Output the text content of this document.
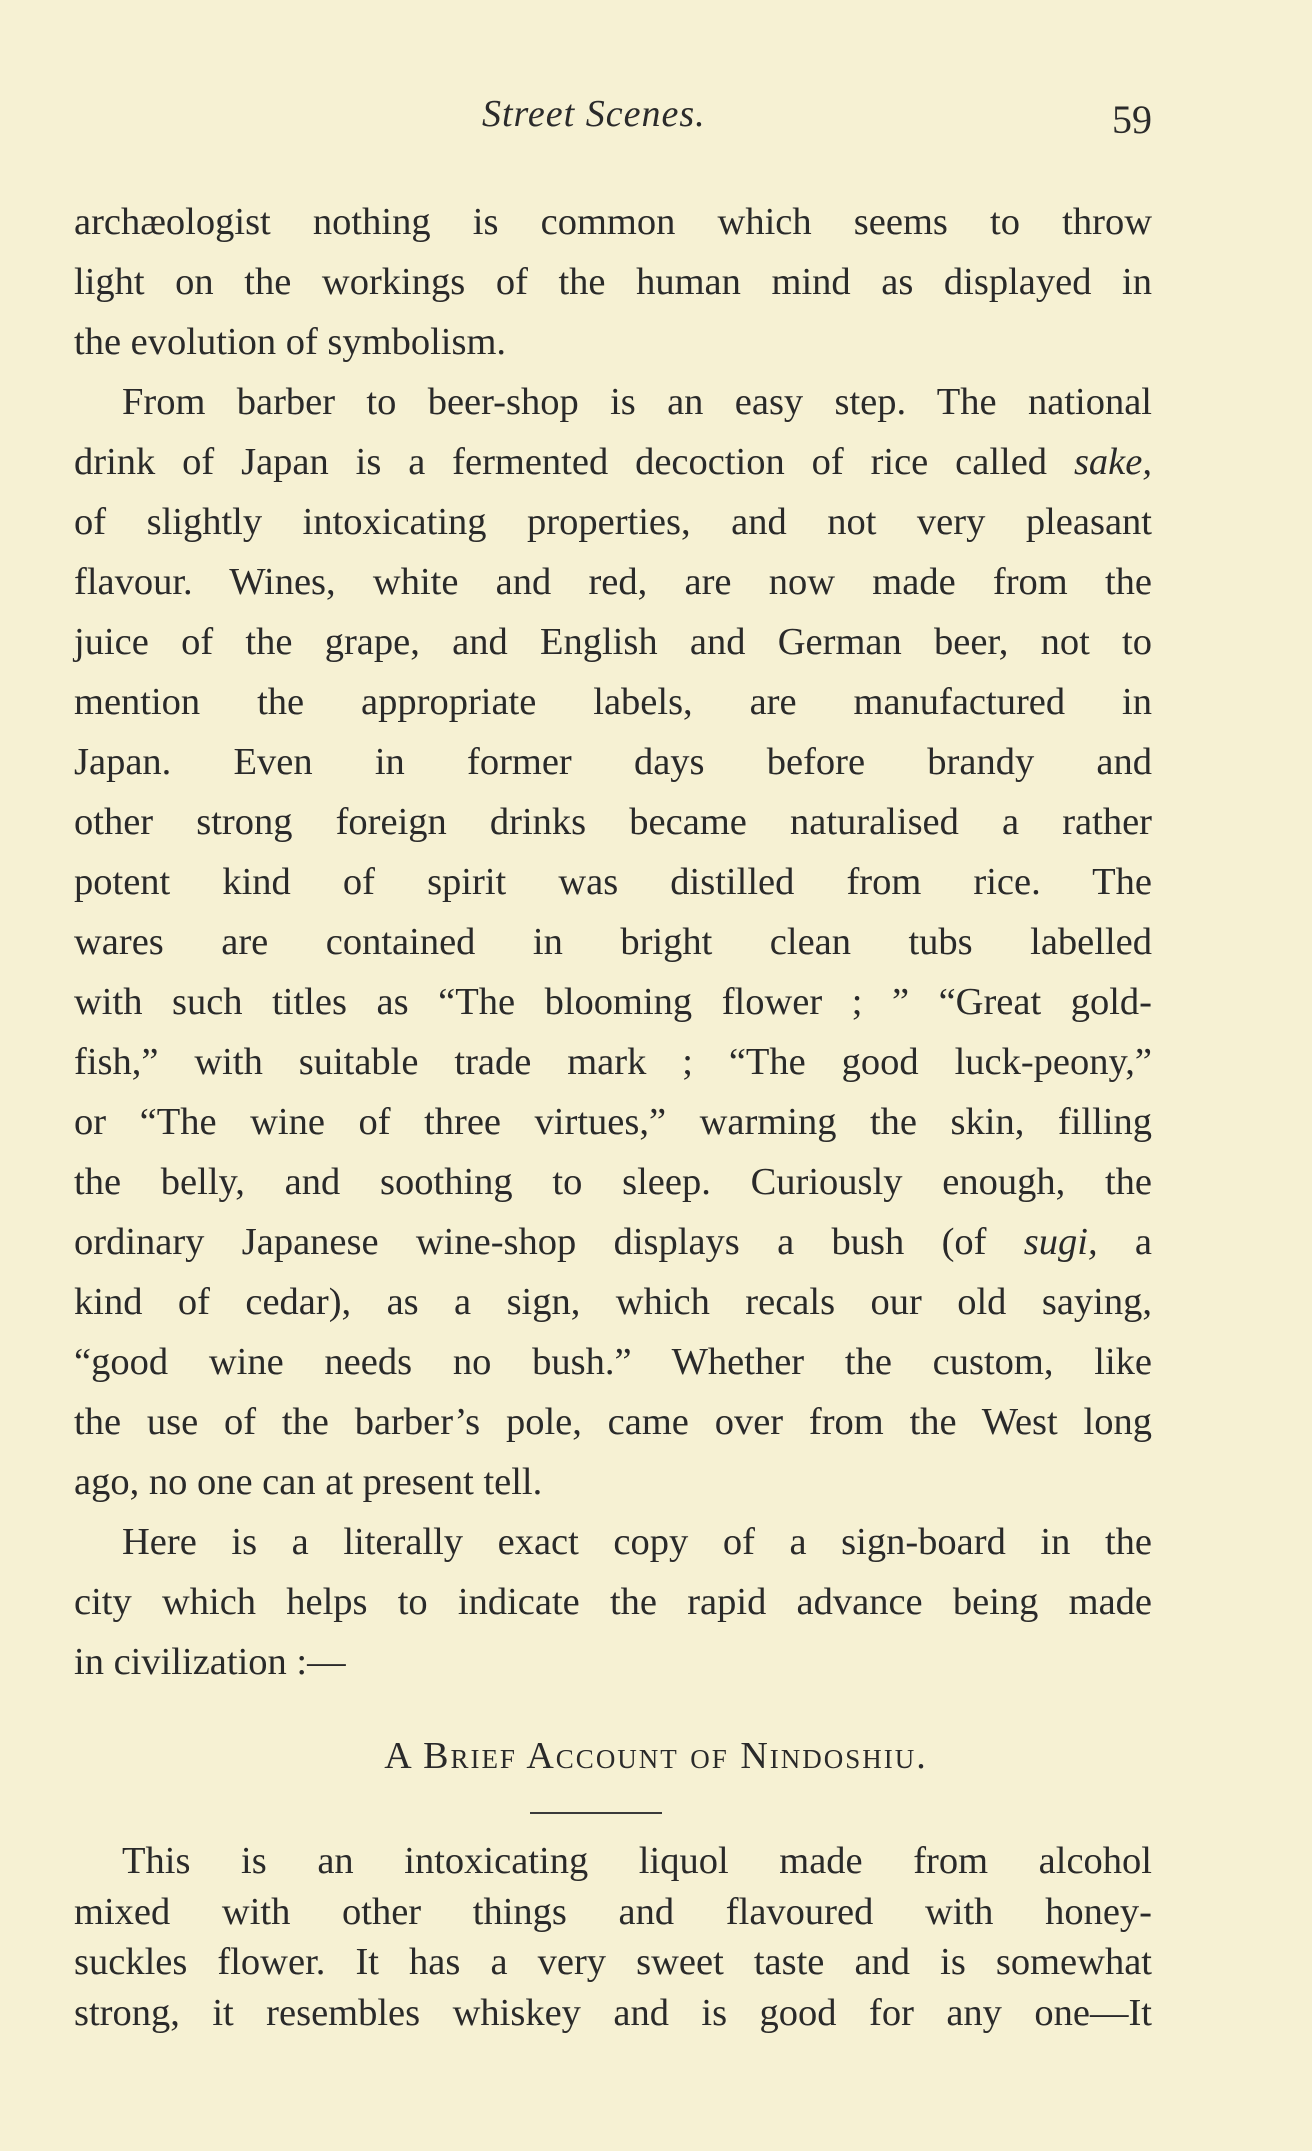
Street Scenes.	59
archæologist nothing is common which seems to throw
light on the workings of the human mind as displayed in
the evolution of symbolism.
From barber to beer-shop is an easy step. The national
drink of Japan is a fermented decoction of rice called sake,
of slightly intoxicating properties, and not very pleasant
flavour. Wines, white and red, are now made from the
juice of the grape, and English and German beer, not to
mention the appropriate labels, are manufactured in
Japan. Even in former days before brandy and
other strong foreign drinks became naturalised a rather
potent kind of spirit was distilled from rice. The
wares are contained in bright clean tubs labelled
with such titles as “The blooming flower ; ” “Great gold-
fish,” with suitable trade mark ; “The good luck-peony,”
or “The wine of three virtues,” warming the skin, filling
the belly, and soothing to sleep. Curiously enough, the
ordinary Japanese wine-shop displays a bush (of sugi, a
kind of cedar), as a sign, which recals our old saying,
“good wine needs no bush.” Whether the custom, like
the use of the barber’s pole, came over from the West long
ago, no one can at present tell.
Here is a literally exact copy of a sign-board in the
city which helps to indicate the rapid advance being made
in civilization :—
A Brief Account of Nindoshiu.
This is an intoxicating liquol made from alcohol
mixed with other things and flavoured with honey-
suckles flower. It has a very sweet taste and is somewhat
strong, it resembles whiskey and is good for any one—It
